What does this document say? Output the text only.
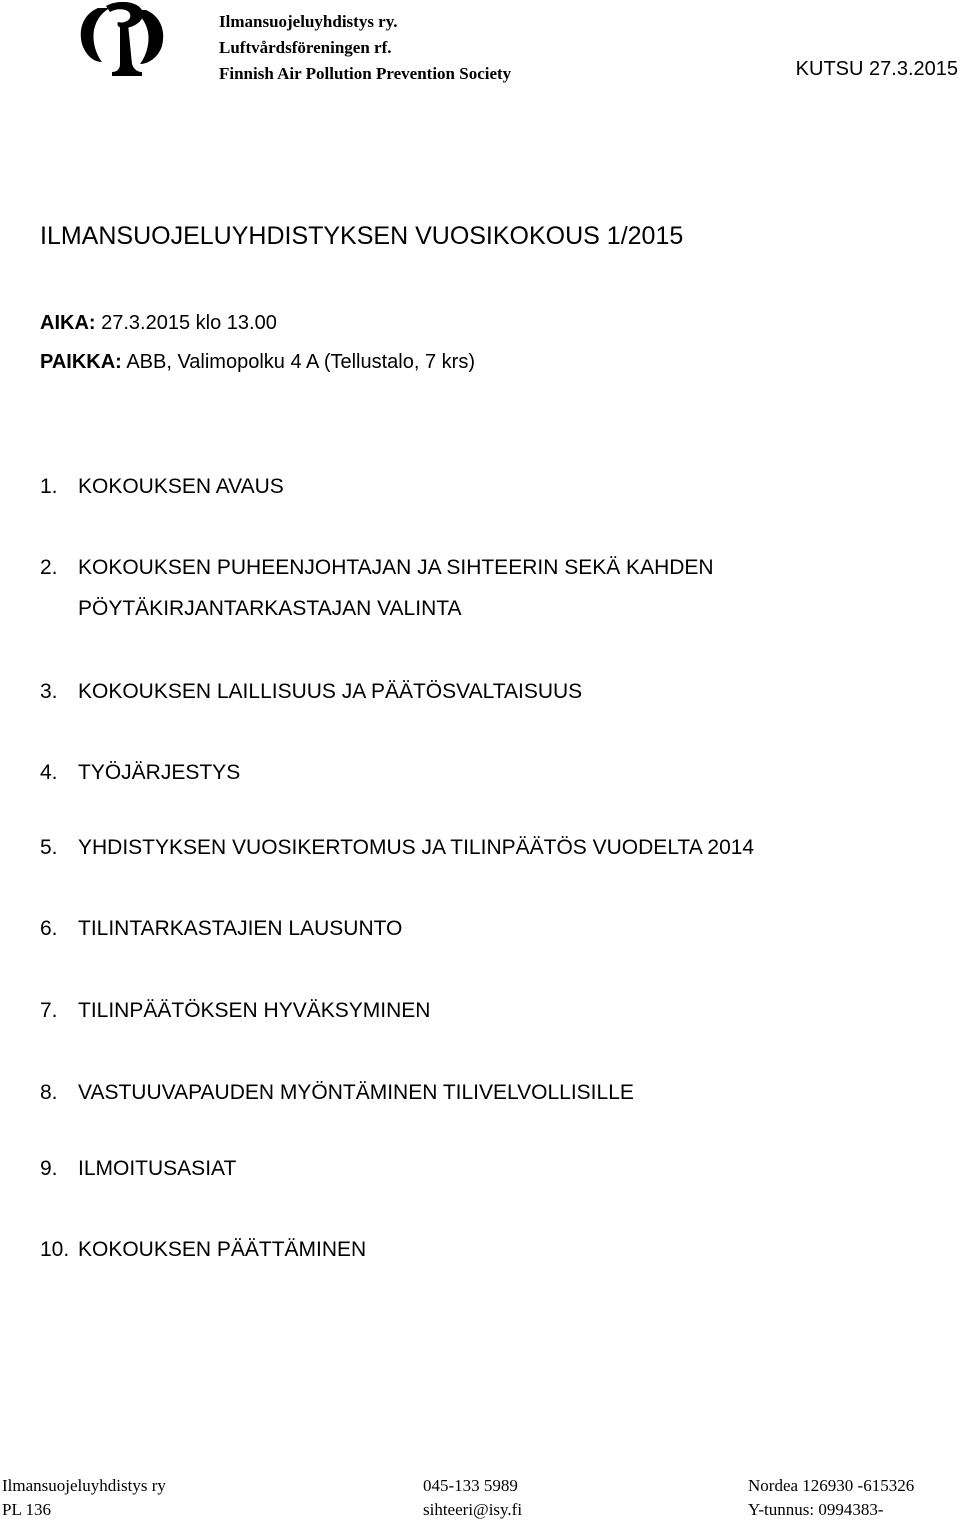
Ilmansuojeluyhdistys ry.
Luftvårdsföreningen rf.
Finnish Air Pollution Prevention Society	KUTSU 27.3.2015
ILMANSUOJELUYHDISTYKSEN VUOSIKOKOUS 1/2015
AIKA: 27.3.2015 klo 13.00
PAIKKA: ABB, Valimopolku 4 A (Tellustalo, 7 krs)
1. KOKOUKSEN AVAUS
2. KOKOUKSEN PUHEENJOHTAJAN JA SIHTEERIN SEKÄ KAHDEN
PÖYTÄKIRJANTARKASTAJAN VALINTA
3. KOKOUKSEN LAILLISUUS JA PÄÄTÖSVALTAISUUS
4. TYÖJÄRJESTYS
5. YHDISTYKSEN VUOSIKERTOMUS JA TILINPÄÄTÖS VUODELTA 2014
6. TILINTARKASTAJIEN LAUSUNTO
7. TILINPÄÄTÖKSEN HYVÄKSYMINEN
8. VASTUUVAPAUDEN MYÖNTÄMINEN TILIVELVOLLISILLE
9. ILMOITUSASIAT
10. KOKOUKSEN PÄÄTTÄMINEN
Ilmansuojeluyhdistys ry
PL 136
045-133 5989
sihteeri@isy.fi
Nordea 126930 -615326
Y-tunnus: 0994383-
